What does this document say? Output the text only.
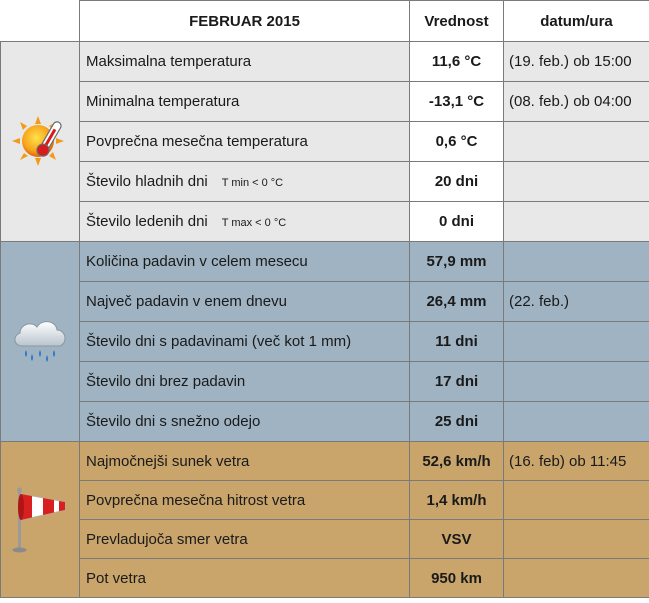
	FEBRUAR 2015	Vrednost	datum/ura

	Maksimalna temperatura	11,6 °C	(19. feb.) ob 15:00
	Minimalna temperatura	-13,1 °C	(08. feb.) ob 04:00
	Povprečna mesečna temperatura	0,6 °C	
	Število hladnih dni T min < 0 °C	20 dni	
	Število ledenih dni T max < 0 °C	0 dni	

	Količina padavin v celem mesecu	57,9 mm	
	Največ padavin v enem dnevu	26,4 mm	(22. feb.)
	Število dni s padavinami (več kot 1 mm)	11 dni	
	Število dni brez padavin	17 dni	
	Število dni s snežno odejo	25 dni	

	Najmočnejši sunek vetra	52,6 km/h	(16. feb) ob 11:45
	Povprečna mesečna hitrost vetra	1,4 km/h	
	Prevladujoča smer vetra	VSV	
	Pot vetra	950 km	
